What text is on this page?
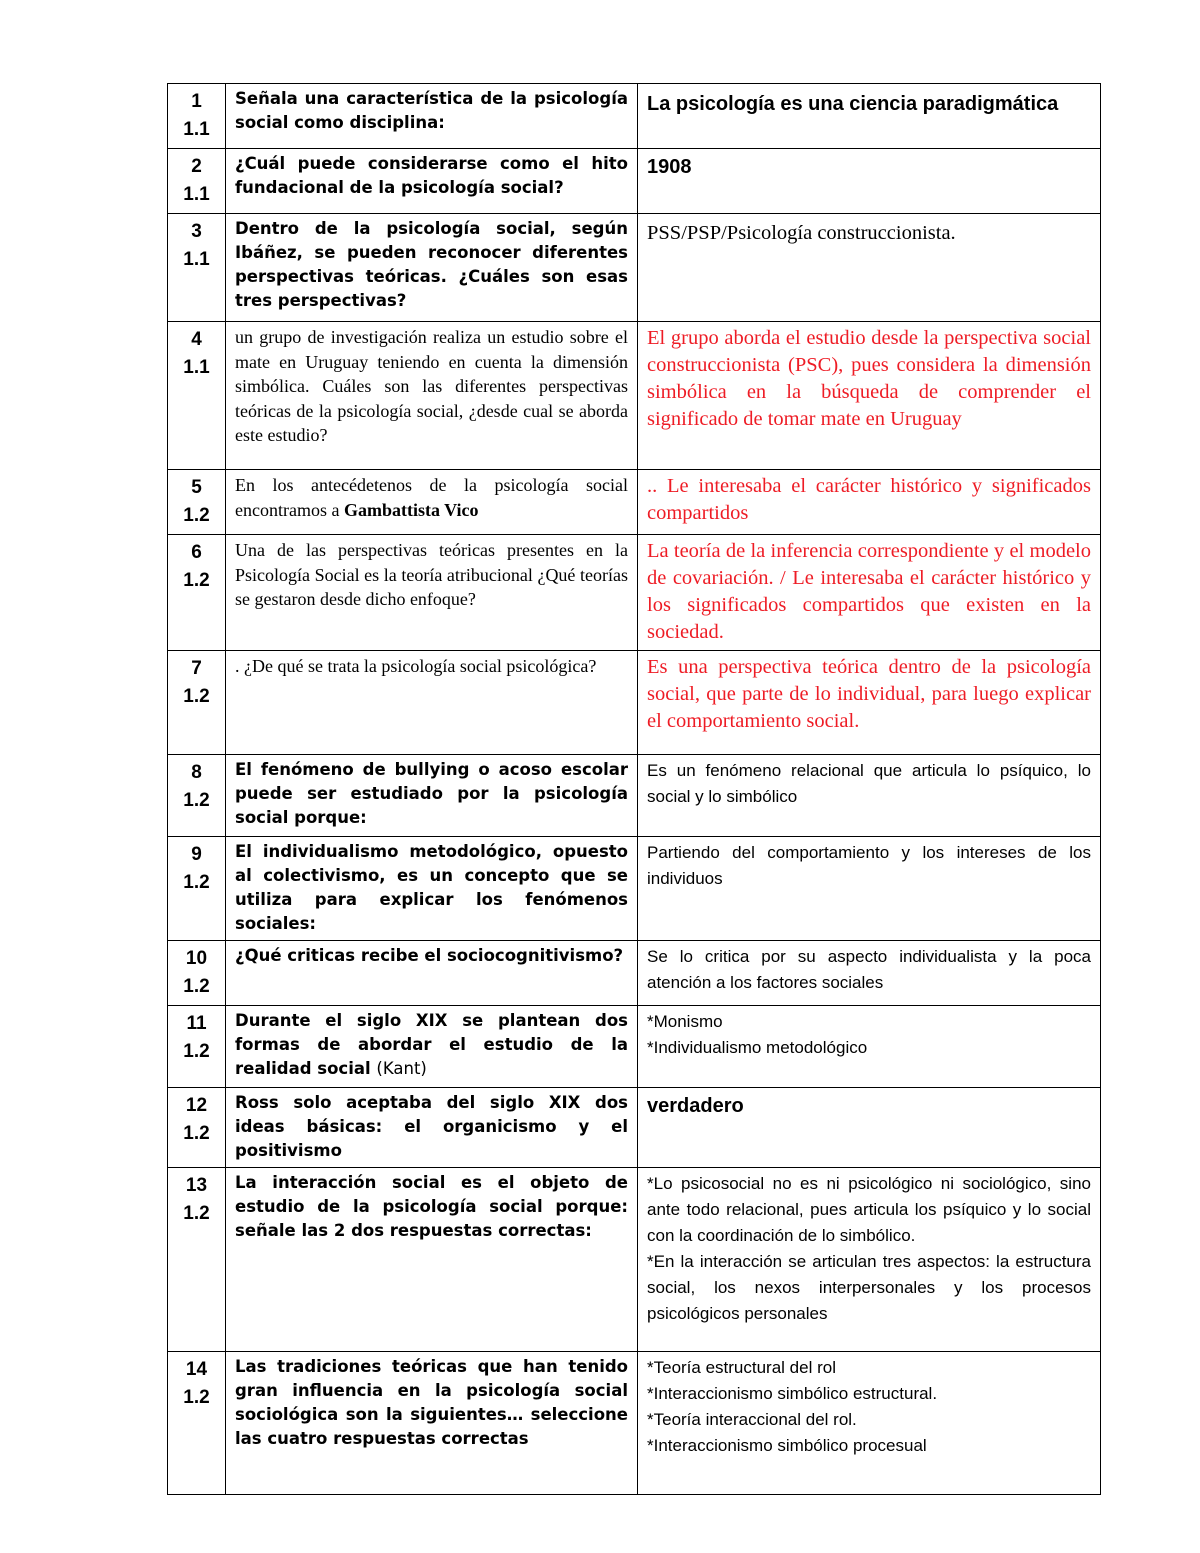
1
1.1	Señala una característica de la psicología social como disciplina:	La psicología es una ciencia paradigmática

2
1.1	¿Cuál puede considerarse como el hito fundacional de la psicología social?	1908

3
1.1	Dentro de la psicología social, según Ibáñez, se pueden reconocer diferentes perspectivas teóricas. ¿Cuáles son esas tres perspectivas?	PSS/PSP/Psicología construccionista.

4
1.1	un grupo de investigación realiza un estudio sobre el mate en Uruguay teniendo en cuenta la dimensión simbólica. Cuáles son las diferentes perspectivas teóricas de la psicología social, ¿desde cual se aborda este estudio?	El grupo aborda el estudio desde la perspectiva social construccionista (PSC), pues considera la dimensión simbólica en la búsqueda de comprender el significado de tomar mate en Uruguay

5
1.2	En los antecédetenos de la psicología social encontramos a Gambattista Vico	.. Le interesaba el carácter histórico y significados compartidos

6
1.2	Una de las perspectivas teóricas presentes en la Psicología Social es la teoría atribucional ¿Qué teorías se gestaron desde dicho enfoque?	La teoría de la inferencia correspondiente y el modelo de covariación. / Le interesaba el carácter histórico y los significados compartidos que existen en la sociedad.

7
1.2	. ¿De qué se trata la psicología social psicológica?	Es una perspectiva teórica dentro de la psicología social, que parte de lo individual, para luego explicar el comportamiento social.

8
1.2	El fenómeno de bullying o acoso escolar puede ser estudiado por la psicología social porque:	Es un fenómeno relacional que articula lo psíquico, lo social y lo simbólico

9
1.2	El individualismo metodológico, opuesto al colectivismo, es un concepto que se utiliza para explicar los fenómenos sociales:	Partiendo del comportamiento y los intereses de los individuos

10
1.2	¿Qué criticas recibe el sociocognitivismo?	Se lo critica por su aspecto individualista y la poca atención a los factores sociales

11
1.2	Durante el siglo XIX se plantean dos formas de abordar el estudio de la realidad social (Kant)	*Monismo
*Individualismo metodológico

12
1.2	Ross solo aceptaba del siglo XIX dos ideas básicas: el organicismo y el positivismo	verdadero

13
1.2	La interacción social es el objeto de estudio de la psicología social porque: señale las 2 dos respuestas correctas:	*Lo psicosocial no es ni psicológico ni sociológico, sino ante todo relacional, pues articula los psíquico y lo social con la coordinación de lo simbólico.
*En la interacción se articulan tres aspectos: la estructura social, los nexos interpersonales y los procesos psicológicos personales

14
1.2	Las tradiciones teóricas que han tenido gran influencia en la psicología social sociológica son la siguientes… seleccione las cuatro respuestas correctas	*Teoría estructural del rol
*Interaccionismo simbólico estructural.
*Teoría interaccional del rol.
*Interaccionismo simbólico procesual
